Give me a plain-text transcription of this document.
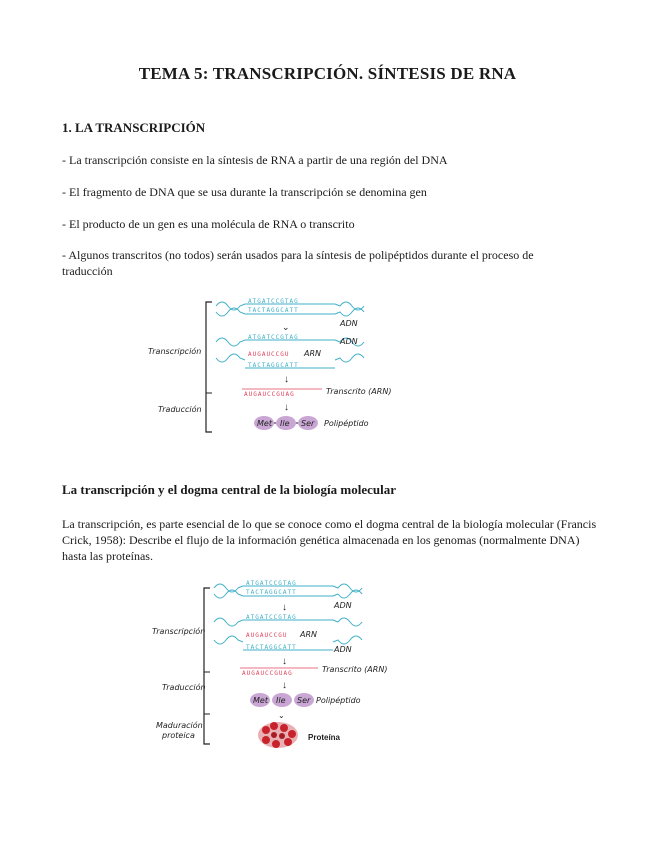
TEMA 5: TRANSCRIPCIÓN. SÍNTESIS DE RNA
1. LA TRANSCRIPCIÓN
- La transcripción consiste en la síntesis de RNA a partir de una región del DNA
- El fragmento de DNA que se usa durante la transcripción se denomina gen
- El producto de un gen es una molécula de RNA o transcrito
- Algunos transcritos (no todos) serán usados para la síntesis de polipéptidos durante el proceso de traducción
Transcripción
Traducción
ATGATCCGTAG
TACTAGGCATT
ADN
⌄
ATGATCCGTAG
TACTAGGCATT
AUGAUCCGU ARN
ADN
↓
AUGAUCCGUAG	Transcrito (ARN)
↓
Met Ile Ser Polipéptido
La transcripción y el dogma central de la biología molecular
La transcripción, es parte esencial de lo que se conoce como el dogma central de la biología molecular (Francis Crick, 1958): Describe el flujo de la información genética almacenada en los genomas (normalmente DNA) hasta las proteínas.
Transcripción
Traducción
Maduración
proteica
ATGATCCGTAG
TACTAGGCATT
ADN
↓
ATGATCCGTAG
TACTAGGCATT
AUGAUCCGU ARN
ADN
↓
AUGAUCCGUAG	Transcrito (ARN)
↓
Met Ile Ser Polipéptido
⌄
Proteína
